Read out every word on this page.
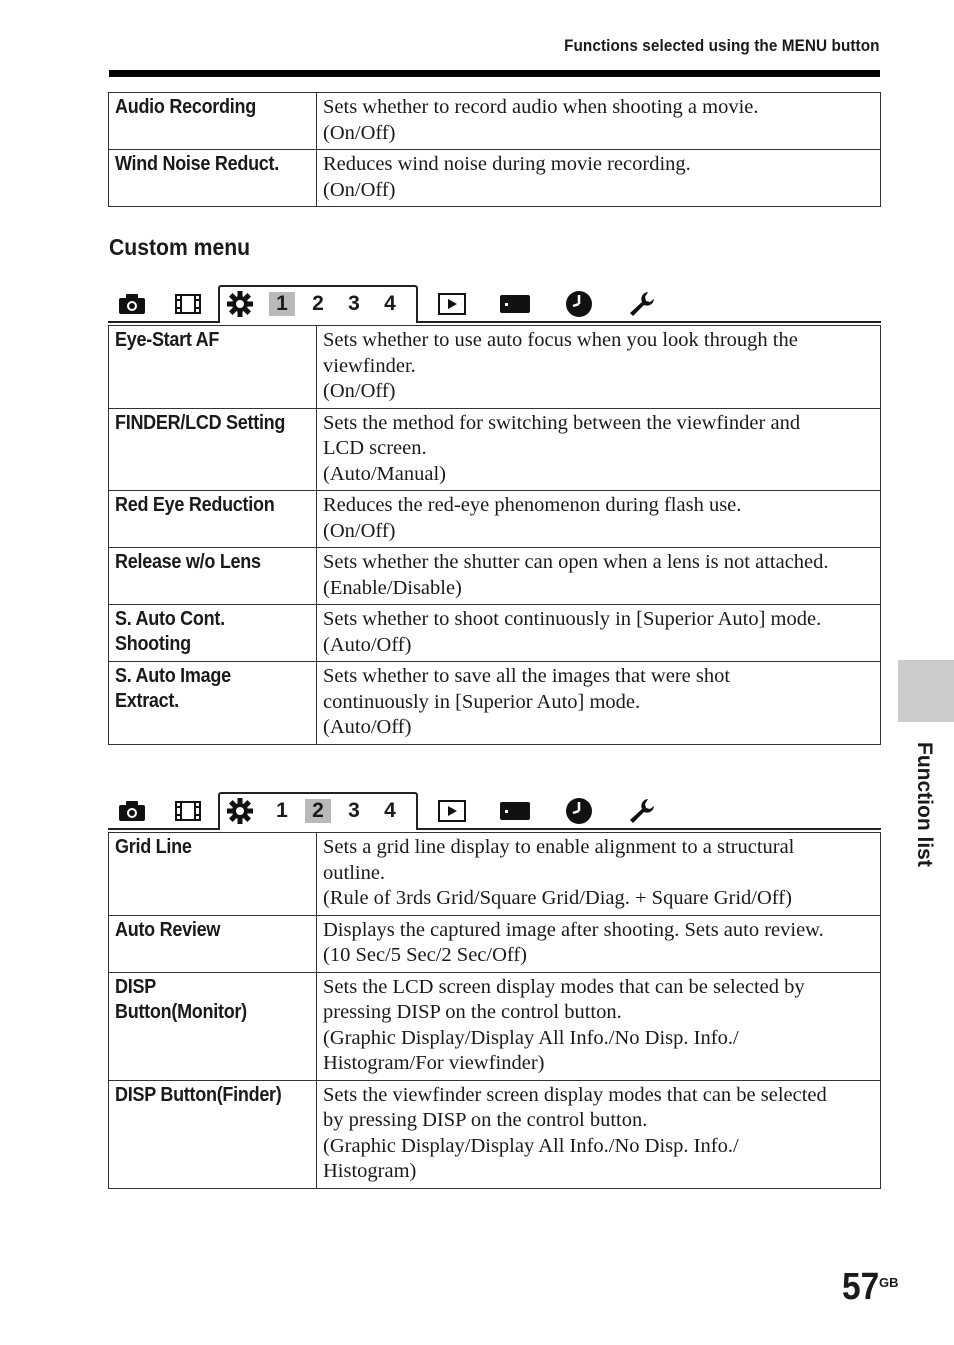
Functions selected using the MENU button
Audio Recording	Sets whether to record audio when shooting a movie.
(On/Off)

Wind Noise Reduct.	Reduces wind noise during movie recording.
(On/Off)
Custom menu
1	2	3	4
Eye-Start AF	Sets whether to use auto focus when you look through the
viewfinder.
(On/Off)

FINDER/LCD Setting	Sets the method for switching between the viewfinder and
LCD screen.
(Auto/Manual)

Red Eye Reduction	Reduces the red-eye phenomenon during flash use.
(On/Off)

Release w/o Lens	Sets whether the shutter can open when a lens is not attached.
(Enable/Disable)

S. Auto Cont.
Shooting	Sets whether to shoot continuously in [Superior Auto] mode.
(Auto/Off)

S. Auto Image
Extract.	Sets whether to save all the images that were shot
continuously in [Superior Auto] mode.
(Auto/Off)
1	2	3	4
Grid Line	Sets a grid line display to enable alignment to a structural
outline.
(Rule of 3rds Grid/Square Grid/Diag. + Square Grid/Off)

Auto Review	Displays the captured image after shooting. Sets auto review.
(10 Sec/5 Sec/2 Sec/Off)

DISP Button(Monitor)	Sets the LCD screen display modes that can be selected by
pressing DISP on the control button.
(Graphic Display/Display All Info./No Disp. Info./
Histogram/For viewfinder)

DISP Button(Finder)	Sets the viewfinder screen display modes that can be selected
by pressing DISP on the control button.
(Graphic Display/Display All Info./No Disp. Info./
Histogram)
Function list
57 GB
